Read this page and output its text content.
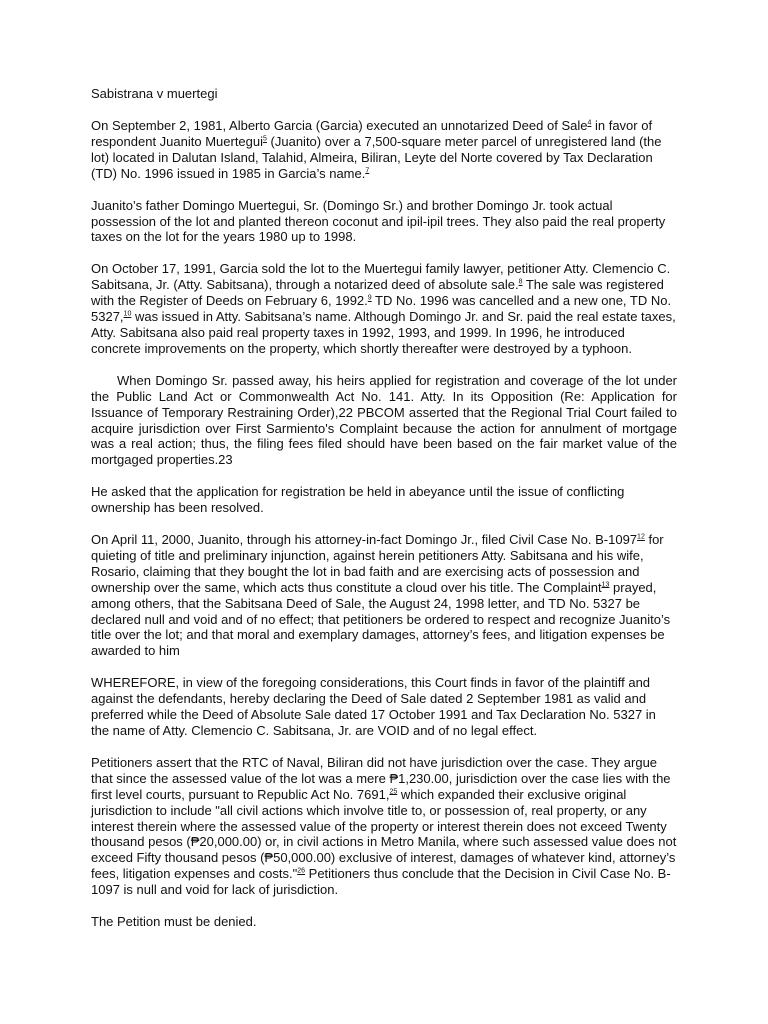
Sabistrana v muertegi

On September 2, 1981, Alberto Garcia (Garcia) executed an unnotarized Deed of Sale$^4$ in favor of respondent Juanito Muertegui$^5$ (Juanito) over a 7,500-square meter parcel of unregistered land (the lot) located in Dalutan Island, Talahid, Almeira, Biliran, Leyte del Norte covered by Tax Declaration (TD) No. 1996 issued in 1985 in Garcia’s name.$^7$

Juanito’s father Domingo Muertegui, Sr. (Domingo Sr.) and brother Domingo Jr. took actual possession of the lot and planted thereon coconut and ipil-ipil trees. They also paid the real property taxes on the lot for the years 1980 up to 1998.

On October 17, 1991, Garcia sold the lot to the Muertegui family lawyer, petitioner Atty. Clemencio C. Sabitsana, Jr. (Atty. Sabitsana), through a notarized deed of absolute sale.$^8$ The sale was registered with the Register of Deeds on February 6, 1992.$^9$ TD No. 1996 was cancelled and a new one, TD No. 5327,10 was issued in Atty. Sabitsana’s name. Although Domingo Jr. and Sr. paid the real estate taxes, Atty. Sabitsana also paid real property taxes in 1992, 1993, and 1999. In 1996, he introduced concrete improvements on the property, which shortly thereafter were destroyed by a typhoon.

When Domingo Sr. passed away, his heirs applied for registration and coverage of the lot under the Public Land Act or Commonwealth Act No. 141. Atty. In its Opposition (Re: Application for Issuance of Temporary Restraining Order),22 PBCOM asserted that the Regional Trial Court failed to acquire jurisdiction over First Sarmiento's Complaint because the action for annulment of mortgage was a real action; thus, the filing fees filed should have been based on the fair market value of the mortgaged properties.23

He asked that the application for registration be held in abeyance until the issue of conflicting ownership has been resolved.

On April 11, 2000, Juanito, through his attorney-in-fact Domingo Jr., filed Civil Case No. B-1097$^{12}$ for quieting of title and preliminary injunction, against herein petitioners Atty. Sabitsana and his wife, Rosario, claiming that they bought the lot in bad faith and are exercising acts of possession and ownership over the same, which acts thus constitute a cloud over his title. The Complaint$^{13}$ prayed, among others, that the Sabitsana Deed of Sale, the August 24, 1998 letter, and TD No. 5327 be declared null and void and of no effect; that petitioners be ordered to respect and recognize Juanito’s title over the lot; and that moral and exemplary damages, attorney’s fees, and litigation expenses be awarded to him

WHEREFORE, in view of the foregoing considerations, this Court finds in favor of the plaintiff and against the defendants, hereby declaring the Deed of Sale dated 2 September 1981 as valid and preferred while the Deed of Absolute Sale dated 17 October 1991 and Tax Declaration No. 5327 in the name of Atty. Clemencio C. Sabitsana, Jr. are VOID and of no legal effect.

Petitioners assert that the RTC of Naval, Biliran did not have jurisdiction over the case. They argue that since the assessed value of the lot was a mere ₱1,230.00, jurisdiction over the case lies with the first level courts, pursuant to Republic Act No. 7691,25 which expanded their exclusive original jurisdiction to include "all civil actions which involve title to, or possession of, real property, or any interest therein where the assessed value of the property or interest therein does not exceed Twenty thousand pesos (₱20,000.00) or, in civil actions in Metro Manila, where such assessed value does not exceed Fifty thousand pesos (₱50,000.00) exclusive of interest, damages of whatever kind, attorney’s fees, litigation expenses and costs."$^{26}$ Petitioners thus conclude that the Decision in Civil Case No. B-1097 is null and void for lack of jurisdiction.

The Petition must be denied.
